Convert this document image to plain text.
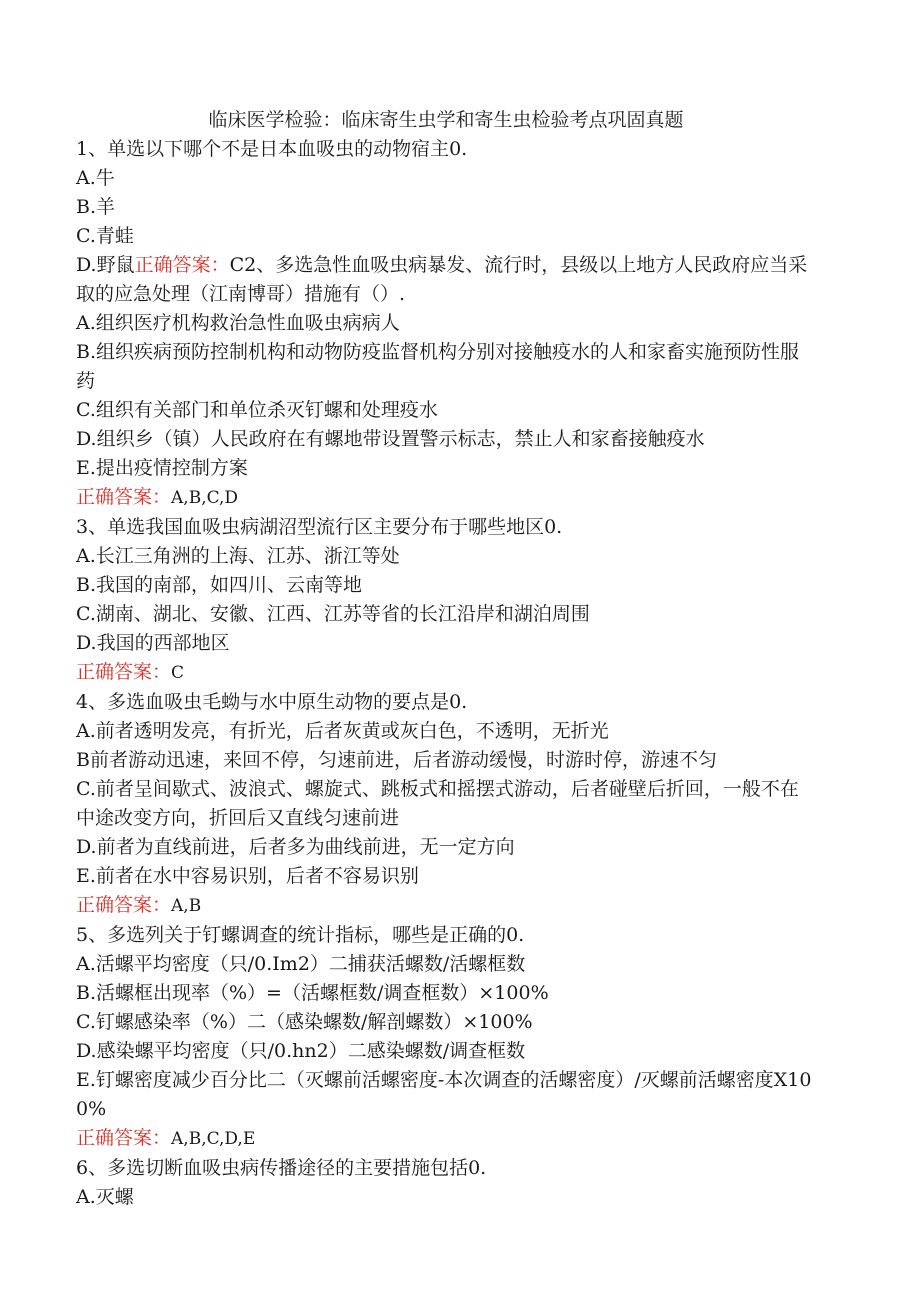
临床医学检验：临床寄生虫学和寄生虫检验考点巩固真题

1、单选以下哪个不是日本血吸虫的动物宿主0.

A.牛

B.羊

C.青蛙

D.野鼠正确答案：C2、多选急性血吸虫病暴发、流行时，县级以上地方人民政府应当采取的应急处理（江南博哥）措施有（）.

A.组织医疗机构救治急性血吸虫病病人

B.组织疾病预防控制机构和动物防疫监督机构分别对接触疫水的人和家畜实施预防性服药

C.组织有关部门和单位杀灭钉螺和处理疫水

D.组织乡（镇）人民政府在有螺地带设置警示标志，禁止人和家畜接触疫水

E.提出疫情控制方案

正确答案：A,B,C,D

3、单选我国血吸虫病湖沼型流行区主要分布于哪些地区0.

A.长江三角洲的上海、江苏、浙江等处

B.我国的南部，如四川、云南等地

C.湖南、湖北、安徽、江西、江苏等省的长江沿岸和湖泊周围

D.我国的西部地区

正确答案：C

4、多选血吸虫毛蚴与水中原生动物的要点是0.

A.前者透明发亮，有折光，后者灰黄或灰白色，不透明，无折光

B前者游动迅速，来回不停，匀速前进，后者游动缓慢，时游时停，游速不匀

C.前者呈间歇式、波浪式、螺旋式、跳板式和摇摆式游动，后者碰壁后折回，一般不在中途改变方向，折回后又直线匀速前进

D.前者为直线前进，后者多为曲线前进，无一定方向

E.前者在水中容易识别，后者不容易识别

正确答案：A,B

5、多选列关于钉螺调查的统计指标，哪些是正确的0.

A.活螺平均密度（只/0.Im2）二捕获活螺数/活螺框数

B.活螺框出现率（%）=（活螺框数/调查框数）×100%

C.钉螺感染率（%）二（感染螺数/解剖螺数）×100%

D.感染螺平均密度（只/0.hn2）二感染螺数/调查框数

E.钉螺密度减少百分比二（灭螺前活螺密度-本次调查的活螺密度）/灭螺前活螺密度X100%

正确答案：A,B,C,D,E

6、多选切断血吸虫病传播途径的主要措施包括0.

A.灭螺
